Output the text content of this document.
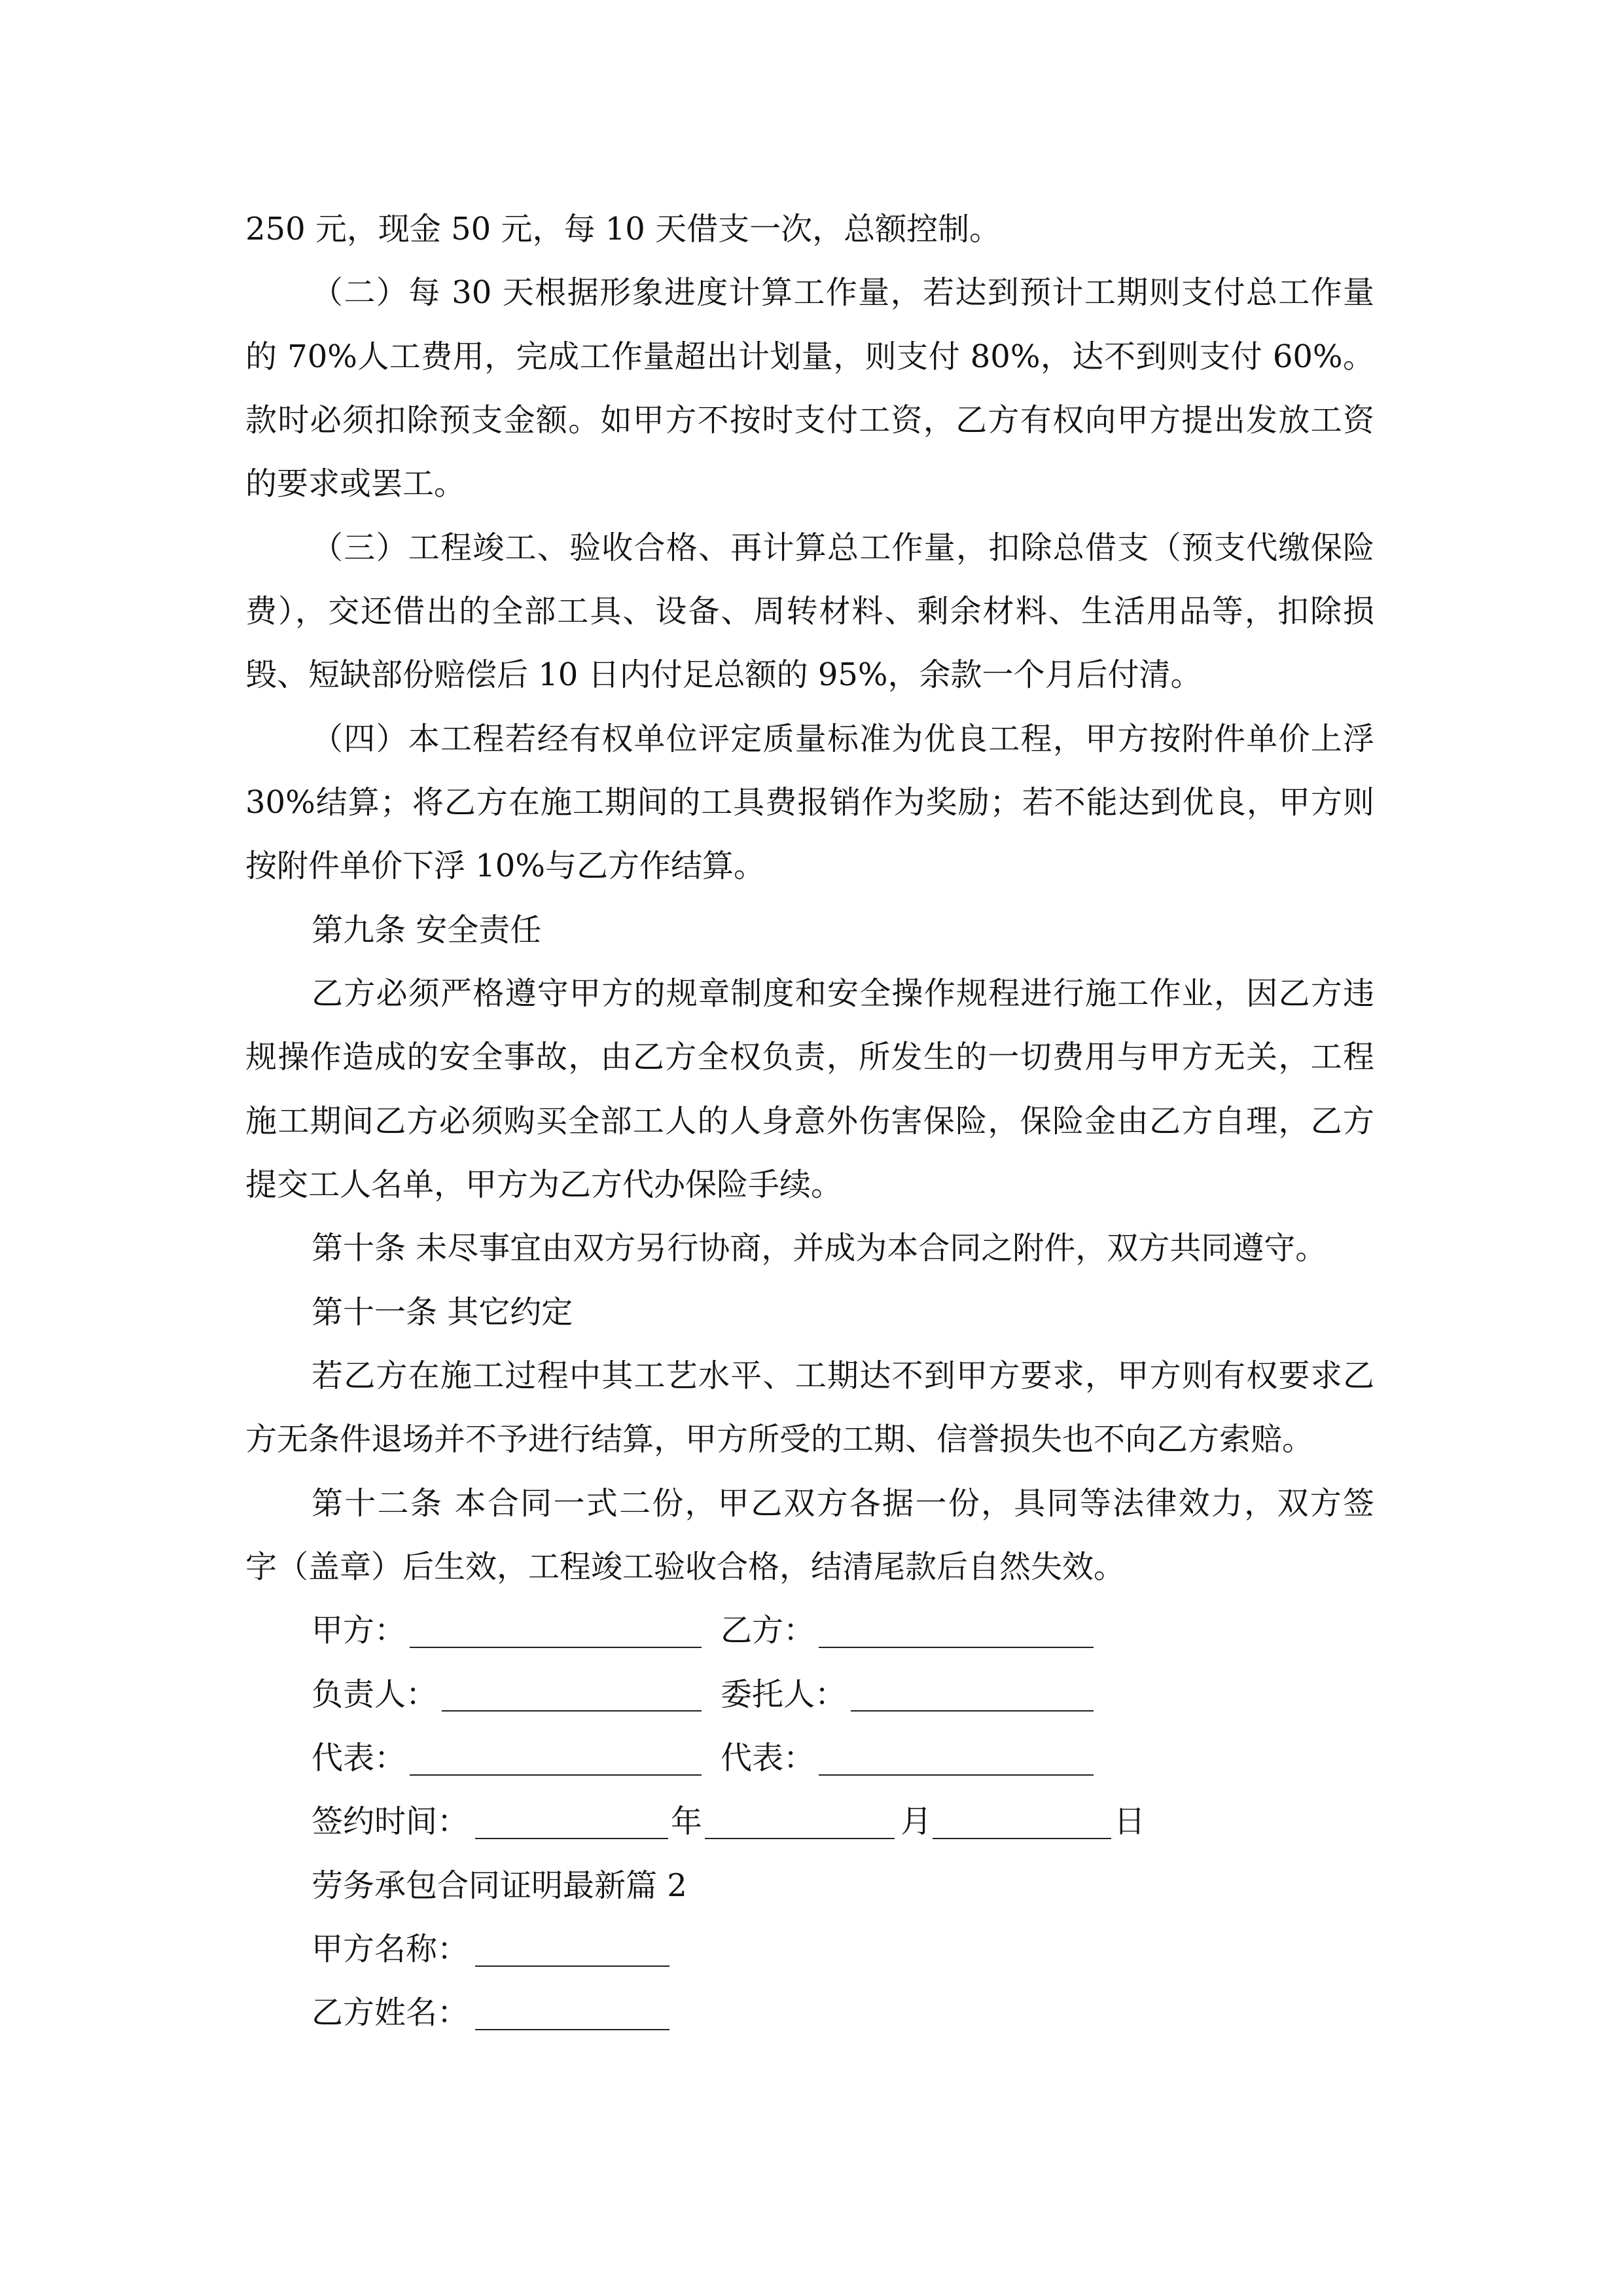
250 元，现金 50 元，每 10 天借支一次，总额控制。
（二）每 30 天根据形象进度计算工作量，若达到预计工期则支付总工作量
的 70%人工费用，完成工作量超出计划量，则支付 80%，达不到则支付 60%。
款时必须扣除预支金额。如甲方不按时支付工资，乙方有权向甲方提出发放工资
的要求或罢工。
（三）工程竣工、验收合格、再计算总工作量，扣除总借支（预支代缴保险
费），交还借出的全部工具、设备、周转材料、剩余材料、生活用品等，扣除损
毁、短缺部份赔偿后 10 日内付足总额的 95%，余款一个月后付清。
（四）本工程若经有权单位评定质量标准为优良工程，甲方按附件单价上浮
30%结算；将乙方在施工期间的工具费报销作为奖励；若不能达到优良，甲方则
按附件单价下浮 10%与乙方作结算。
第九条 安全责任
乙方必须严格遵守甲方的规章制度和安全操作规程进行施工作业，因乙方违
规操作造成的安全事故，由乙方全权负责，所发生的一切费用与甲方无关，工程
施工期间乙方必须购买全部工人的人身意外伤害保险，保险金由乙方自理，乙方
提交工人名单，甲方为乙方代办保险手续。
第十条 未尽事宜由双方另行协商，并成为本合同之附件，双方共同遵守。
第十一条 其它约定
若乙方在施工过程中其工艺水平、工期达不到甲方要求，甲方则有权要求乙
方无条件退场并不予进行结算，甲方所受的工期、信誉损失也不向乙方索赔。
第十二条 本合同一式二份，甲乙双方各据一份，具同等法律效力，双方签
字（盖章）后生效，工程竣工验收合格，结清尾款后自然失效。
甲方：	乙方：
负责人：	委托人：
代表：	代表：
签约时间：	年	月	日
劳务承包合同证明最新篇 2
甲方名称：
乙方姓名：
